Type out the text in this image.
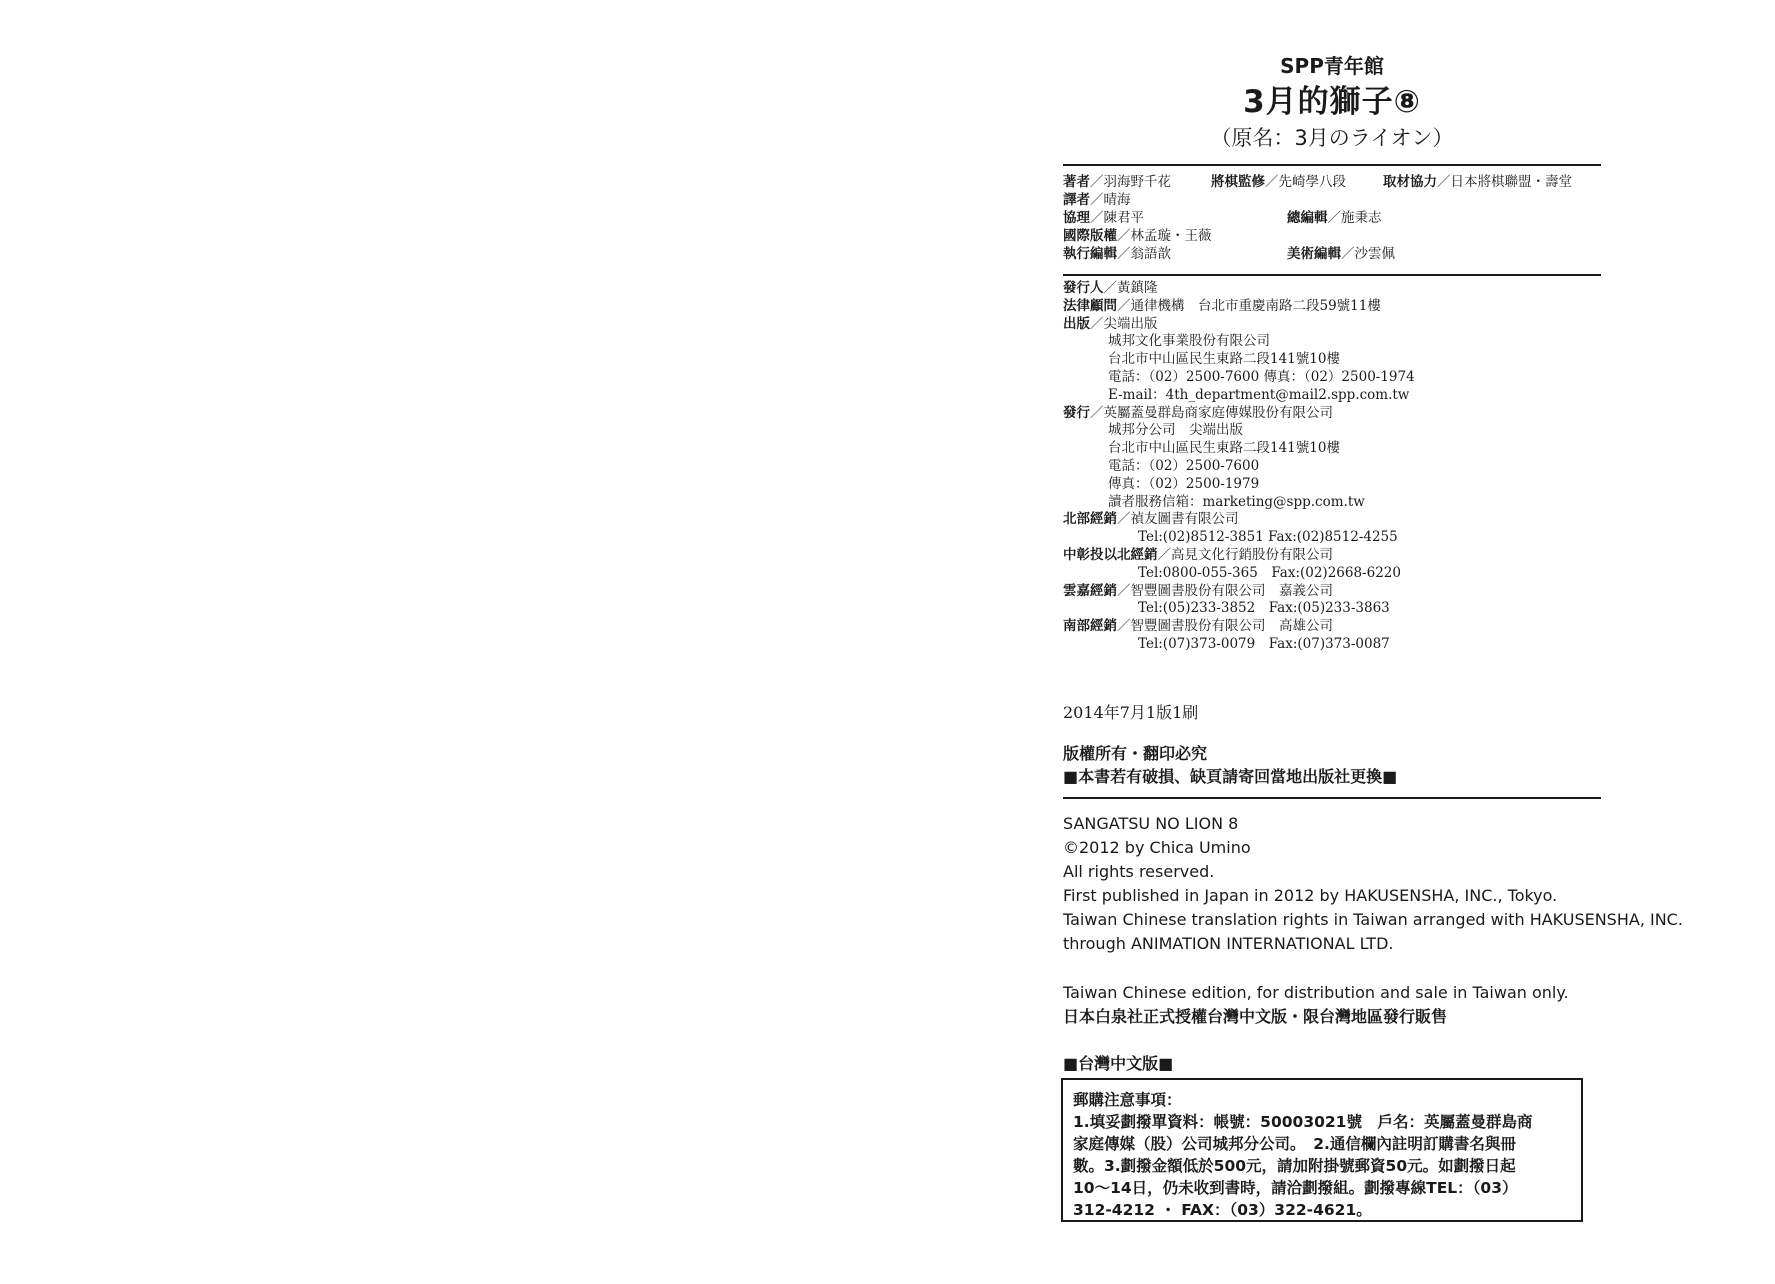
SPP青年館
3月的獅子⑧
（原名：3月のライオン）
著者／羽海野千花	將棋監修／先崎學八段	取材協力／日本將棋聯盟・壽堂
譯者／晴海
協理／陳君平	總編輯／施秉志
國際版權／林孟璇・王薇
執行編輯／翁語歆	美術編輯／沙雲佩
發行人／黃鎮隆
法律顧問／通律機構　台北市重慶南路二段59號11樓
出版／尖端出版
城邦文化事業股份有限公司
台北市中山區民生東路二段141號10樓
電話：（02）2500-7600 傳真：（02）2500-1974
E-mail：4th_department@mail2.spp.com.tw
發行／英屬蓋曼群島商家庭傳媒股份有限公司
城邦分公司　尖端出版
台北市中山區民生東路二段141號10樓
電話：（02）2500-7600
傳真：（02）2500-1979
讀者服務信箱：marketing@spp.com.tw
北部經銷／禎友圖書有限公司
Tel:(02)8512-3851 Fax:(02)8512-4255
中彰投以北經銷／高見文化行銷股份有限公司
Tel:0800-055-365　Fax:(02)2668-6220
雲嘉經銷／智豐圖書股份有限公司　嘉義公司
Tel:(05)233-3852　Fax:(05)233-3863
南部經銷／智豐圖書股份有限公司　高雄公司
Tel:(07)373-0079　Fax:(07)373-0087
2014年7月1版1刷
版權所有・翻印必究
■本書若有破損、缺頁請寄回當地出版社更換■
SANGATSU NO LION 8
©2012 by Chica Umino
All rights reserved.
First published in Japan in 2012 by HAKUSENSHA, INC., Tokyo.
Taiwan Chinese translation rights in Taiwan arranged with HAKUSENSHA, INC.
through ANIMATION INTERNATIONAL LTD.
Taiwan Chinese edition, for distribution and sale in Taiwan only.
日本白泉社正式授權台灣中文版・限台灣地區發行販售
■台灣中文版■
郵購注意事項：
1.填妥劃撥單資料：帳號：50003021號　戶名：英屬蓋曼群島商
家庭傳媒（股）公司城邦分公司。　2.通信欄內註明訂購書名與冊
數。3.劃撥金額低於500元，請加附掛號郵資50元。如劃撥日起
10～14日，仍未收到書時，請洽劃撥組。劃撥專線TEL：（03）
312-4212 ・ FAX：（03）322-4621。
